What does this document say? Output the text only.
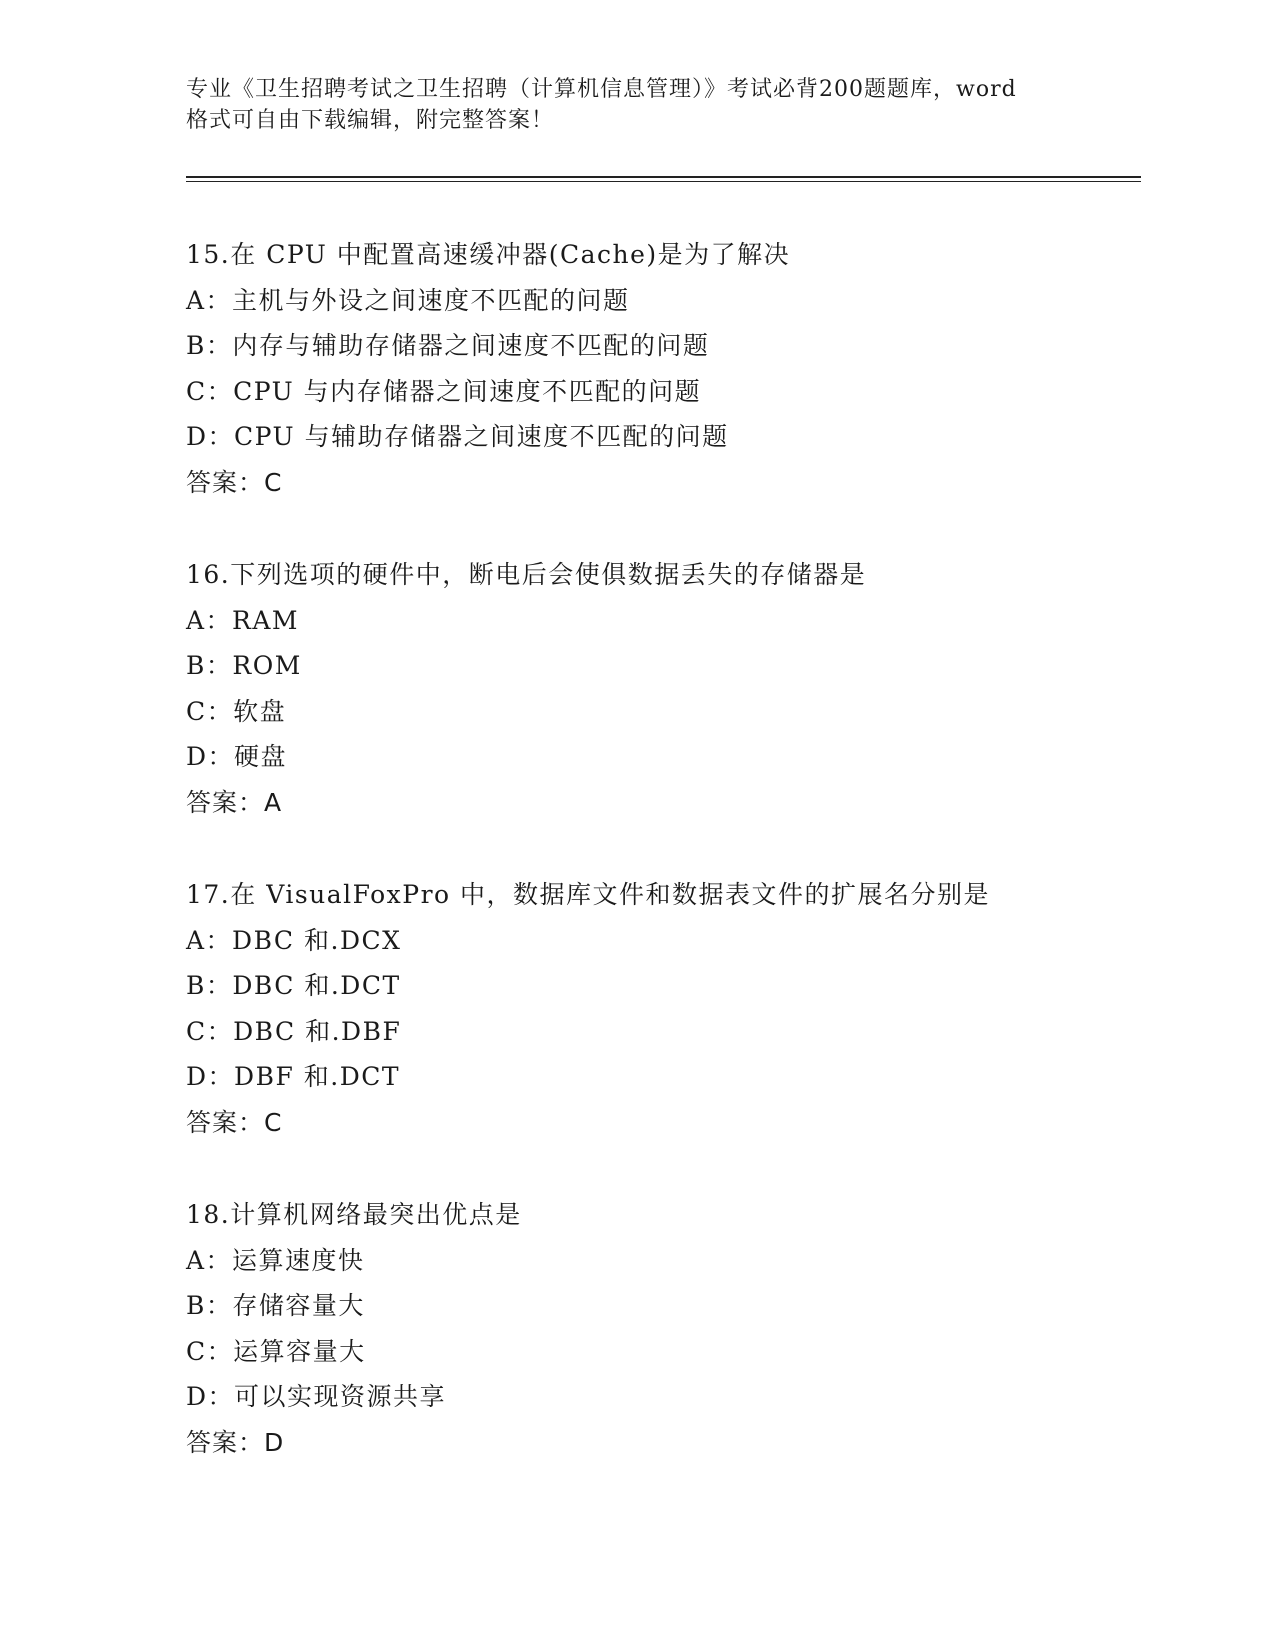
专业《卫生招聘考试之卫生招聘（计算机信息管理）》考试必背200题题库，word
格式可自由下载编辑，附完整答案！
15.在 CPU 中配置高速缓冲器(Cache)是为了解决
A：主机与外设之间速度不匹配的问题
B：内存与辅助存储器之间速度不匹配的问题
C：CPU 与内存储器之间速度不匹配的问题
D：CPU 与辅助存储器之间速度不匹配的问题
答案：C
16.下列选项的硬件中，断电后会使俱数据丢失的存储器是
A：RAM
B：ROM
C：软盘
D：硬盘
答案：A
17.在 VisualFoxPro 中，数据库文件和数据表文件的扩展名分别是
A：DBC 和.DCX
B：DBC 和.DCT
C：DBC 和.DBF
D：DBF 和.DCT
答案：C
18.计算机网络最突出优点是
A：运算速度快
B：存储容量大
C：运算容量大
D：可以实现资源共享
答案：D
